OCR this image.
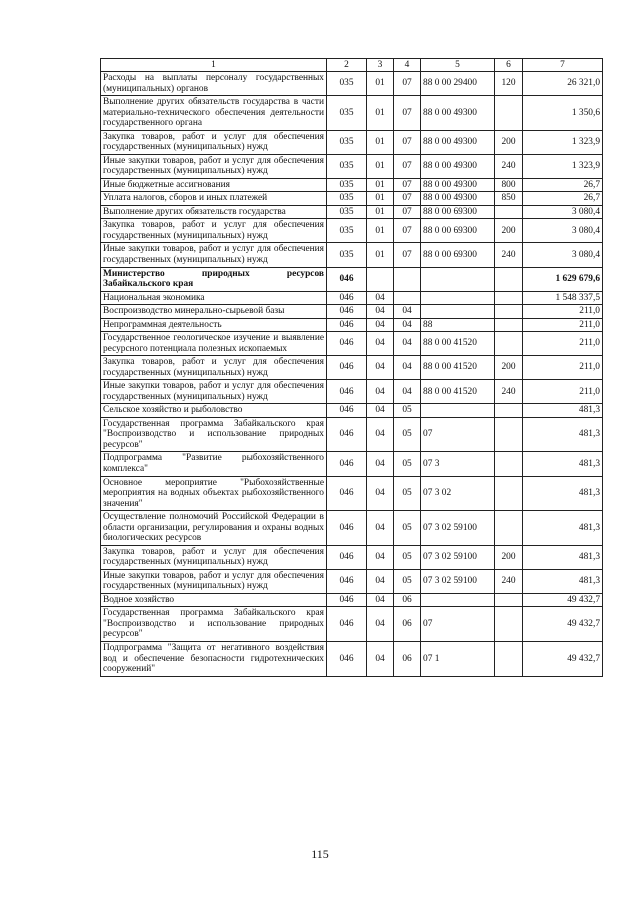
1	2	3	4	5	6	7
Расходы на выплаты персоналу государственных (муниципальных) органов	035	01	07	88 0 00 29400	120	26 321,0
Выполнение других обязательств государства в части материально-технического обеспечения деятельности государственного органа	035	01	07	88 0 00 49300		1 350,6
Закупка товаров, работ и услуг для обеспечения государственных (муниципальных) нужд	035	01	07	88 0 00 49300	200	1 323,9
Иные закупки товаров, работ и услуг для обеспечения государственных (муниципальных) нужд	035	01	07	88 0 00 49300	240	1 323,9
Иные бюджетные ассигнования	035	01	07	88 0 00 49300	800	26,7
Уплата налогов, сборов и иных платежей	035	01	07	88 0 00 49300	850	26,7
Выполнение других обязательств государства	035	01	07	88 0 00 69300		3 080,4
Закупка товаров, работ и услуг для обеспечения государственных (муниципальных) нужд	035	01	07	88 0 00 69300	200	3 080,4
Иные закупки товаров, работ и услуг для обеспечения государственных (муниципальных) нужд	035	01	07	88 0 00 69300	240	3 080,4
Министерство природных ресурсов Забайкальского края	046					1 629 679,6
Национальная экономика	046	04				1 548 337,5
Воспроизводство минерально-сырьевой базы	046	04	04			211,0
Непрограммная деятельность	046	04	04	88		211,0
Государственное геологическое изучение и выявление ресурсного потенциала полезных ископаемых	046	04	04	88 0 00 41520		211,0
Закупка товаров, работ и услуг для обеспечения государственных (муниципальных) нужд	046	04	04	88 0 00 41520	200	211,0
Иные закупки товаров, работ и услуг для обеспечения государственных (муниципальных) нужд	046	04	04	88 0 00 41520	240	211,0
Сельское хозяйство и рыболовство	046	04	05			481,3
Государственная программа Забайкальского края "Воспроизводство и использование природных ресурсов"	046	04	05	07		481,3
Подпрограмма "Развитие рыбохозяйственного комплекса"	046	04	05	07 3		481,3
Основное мероприятие "Рыбохозяйственные мероприятия на водных объектах рыбохозяйственного значения"	046	04	05	07 3 02		481,3
Осуществление полномочий Российской Федерации в области организации, регулирования и охраны водных биологических ресурсов	046	04	05	07 3 02 59100		481,3
Закупка товаров, работ и услуг для обеспечения государственных (муниципальных) нужд	046	04	05	07 3 02 59100	200	481,3
Иные закупки товаров, работ и услуг для обеспечения государственных (муниципальных) нужд	046	04	05	07 3 02 59100	240	481,3
Водное хозяйство	046	04	06			49 432,7
Государственная программа Забайкальского края "Воспроизводство и использование природных ресурсов"	046	04	06	07		49 432,7
Подпрограмма "Защита от негативного воздействия вод и обеспечение безопасности гидротехнических сооружений"	046	04	06	07 1		49 432,7
115
